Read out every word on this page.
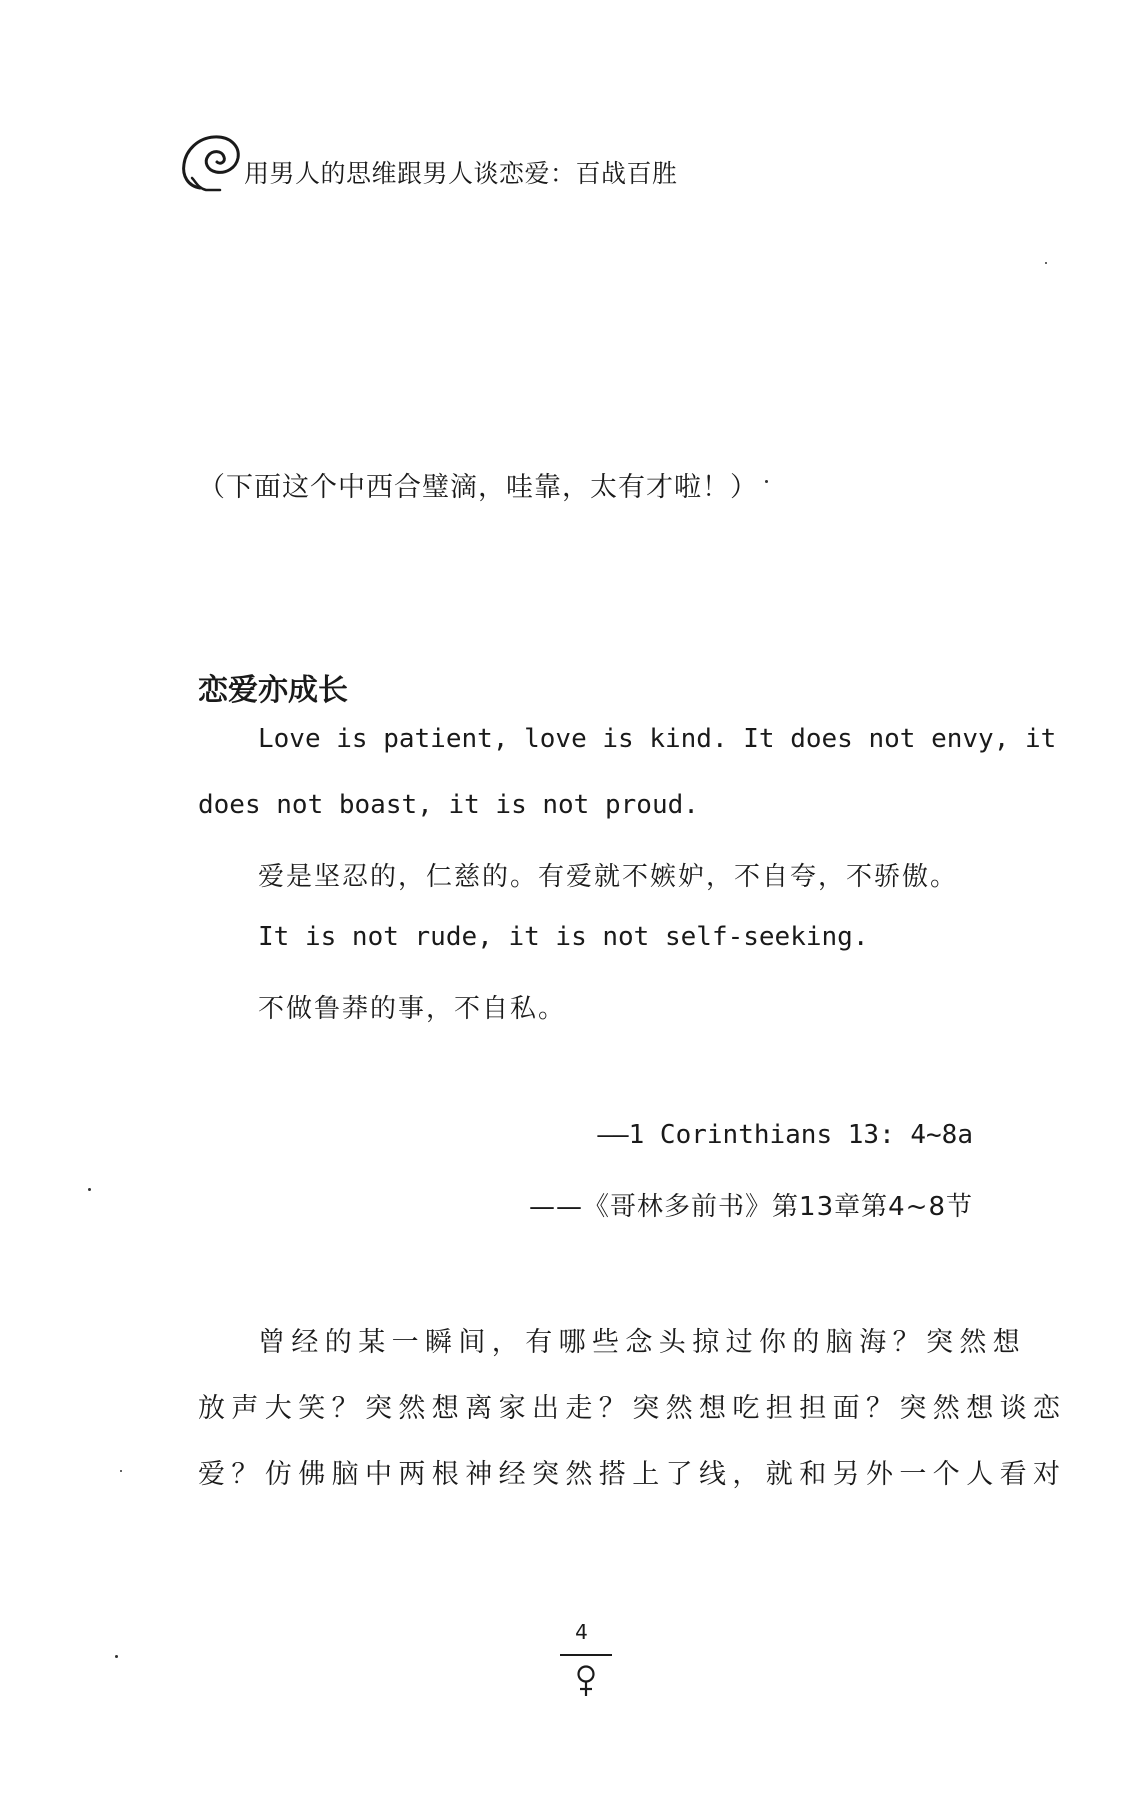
用男人的思维跟男人谈恋爱：百战百胜
（下面这个中西合璧滴，哇靠，太有才啦！）
恋爱亦成长
Love is patient, love is kind. It does not envy, it
does not boast, it is not proud.
爱是坚忍的，仁慈的。有爱就不嫉妒，不自夸，不骄傲。
It is not rude, it is not self-seeking.
不做鲁莽的事，不自私。
——1 Corinthians 13: 4~8a
——《哥林多前书》第13章第4~8节
曾经的某一瞬间，有哪些念头掠过你的脑海？突然想
放声大笑？突然想离家出走？突然想吃担担面？突然想谈恋
爱？仿佛脑中两根神经突然搭上了线，就和另外一个人看对
4
